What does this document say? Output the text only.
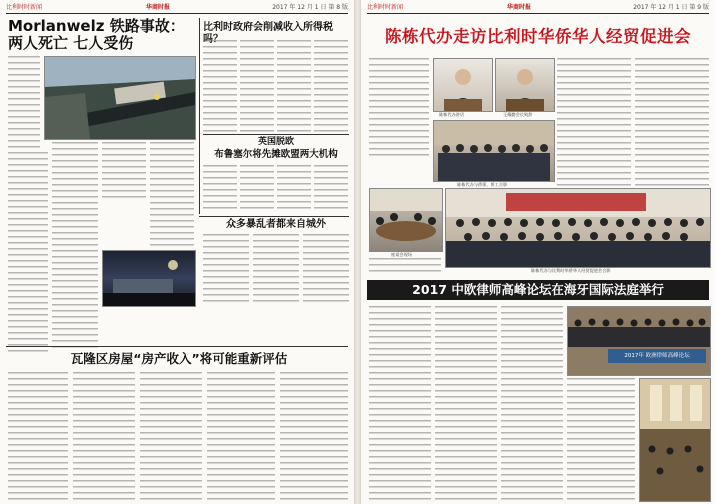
比利时时新闻	华商时报	2017 年 12 月 1 日 第 8 版
Morlanwelz 铁路事故：
两人死亡 七人受伤
比利时政府会削减收入所得税吗？
英国脱欧
布鲁塞尔将先摊欧盟两大机构
众多暴乱者都来自城外
瓦隆区房屋“房产收入”将可能重新评估
比利时时新闻	华商时报	2017 年 12 月 1 日 第 9 版
陈栋代办走访比利时华侨华人经贸促进会
陈栋代办讲话	王耀勤会长致辞
陈栋代办与侨领、侨工合影
座谈会现场
陈栋代办与比利时华侨华人经贸促进会合影
2017 中欧律师高峰论坛在海牙国际法庭举行
2017年 欧洲律师高峰论坛
